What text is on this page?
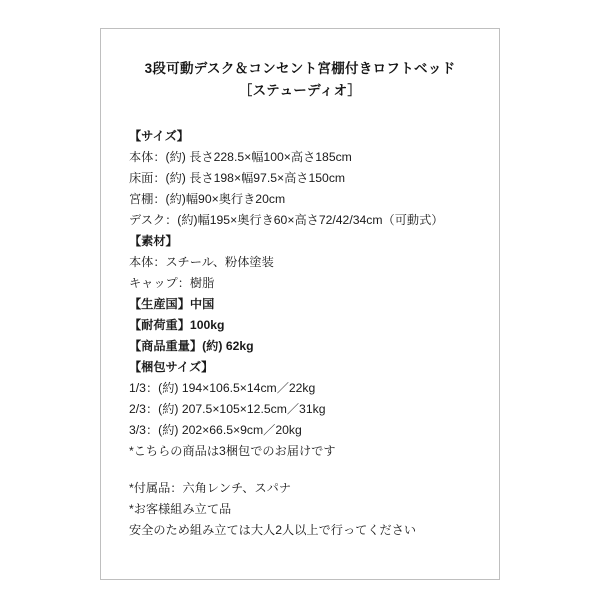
3段可動デスク＆コンセント宮棚付きロフトベッド
［ステューディオ］
【サイズ】
本体：(約) 長さ228.5×幅100×高さ185cm
床面：(約) 長さ198×幅97.5×高さ150cm
宮棚：(約)幅90×奥行き20cm
デスク：(約)幅195×奥行き60×高さ72/42/34cm（可動式）
【素材】
本体：スチール、粉体塗装
キャップ：樹脂
【生産国】中国
【耐荷重】100kg
【商品重量】(約) 62kg
【梱包サイズ】
1/3：(約) 194×106.5×14cm／22kg
2/3：(約) 207.5×105×12.5cm／31kg
3/3：(約) 202×66.5×9cm／20kg
*こちらの商品は3梱包でのお届けです

*付属品：六角レンチ、スパナ
*お客様組み立て品
安全のため組み立ては大人2人以上で行ってください
